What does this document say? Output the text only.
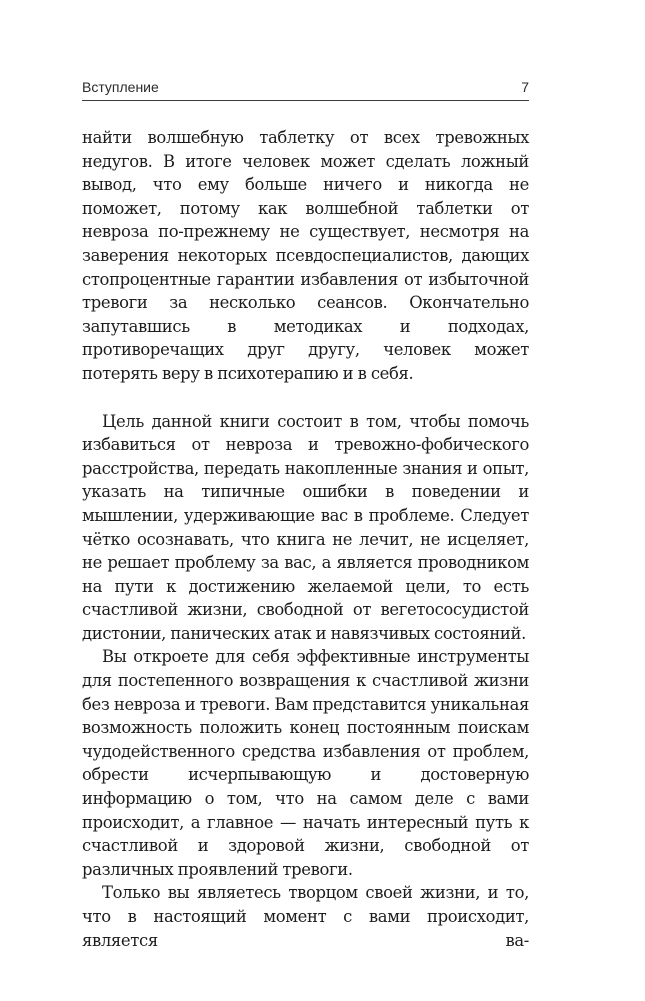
Вступление	7

найти волшебную таблетку от всех тревожных недугов. В итоге человек может сделать ложный вывод, что ему больше ничего и никогда не поможет, потому как волшебной таблетки от невроза по-прежнему не существует, несмотря на заверения некоторых псевдоспециалистов, дающих стопроцентные гарантии избавления от избыточной тревоги за несколько сеансов. Окончательно запутавшись в методиках и подходах, противоречащих друг другу, человек может потерять веру в психотерапию и в себя.

Цель данной книги состоит в том, чтобы помочь избавиться от невроза и тревожно-фобического расстройства, передать накопленные знания и опыт, указать на типичные ошибки в поведении и мышлении, удерживающие вас в проблеме. Следует чётко осознавать, что книга не лечит, не исцеляет, не решает проблему за вас, а является проводником на пути к достижению желаемой цели, то есть счастливой жизни, свободной от вегетососудистой дистонии, панических атак и навязчивых состояний.

Вы откроете для себя эффективные инструменты для постепенного возвращения к счастливой жизни без невроза и тревоги. Вам представится уникальная возможность положить конец постоянным поискам чудодейственного средства избавления от проблем, обрести исчерпывающую и достоверную информацию о том, что на самом деле с вами происходит, а главное — начать интересный путь к счастливой и здоровой жизни, свободной от различных проявлений тревоги.

Только вы являетесь творцом своей жизни, и то, что в настоящий момент с вами происходит, является ва-
